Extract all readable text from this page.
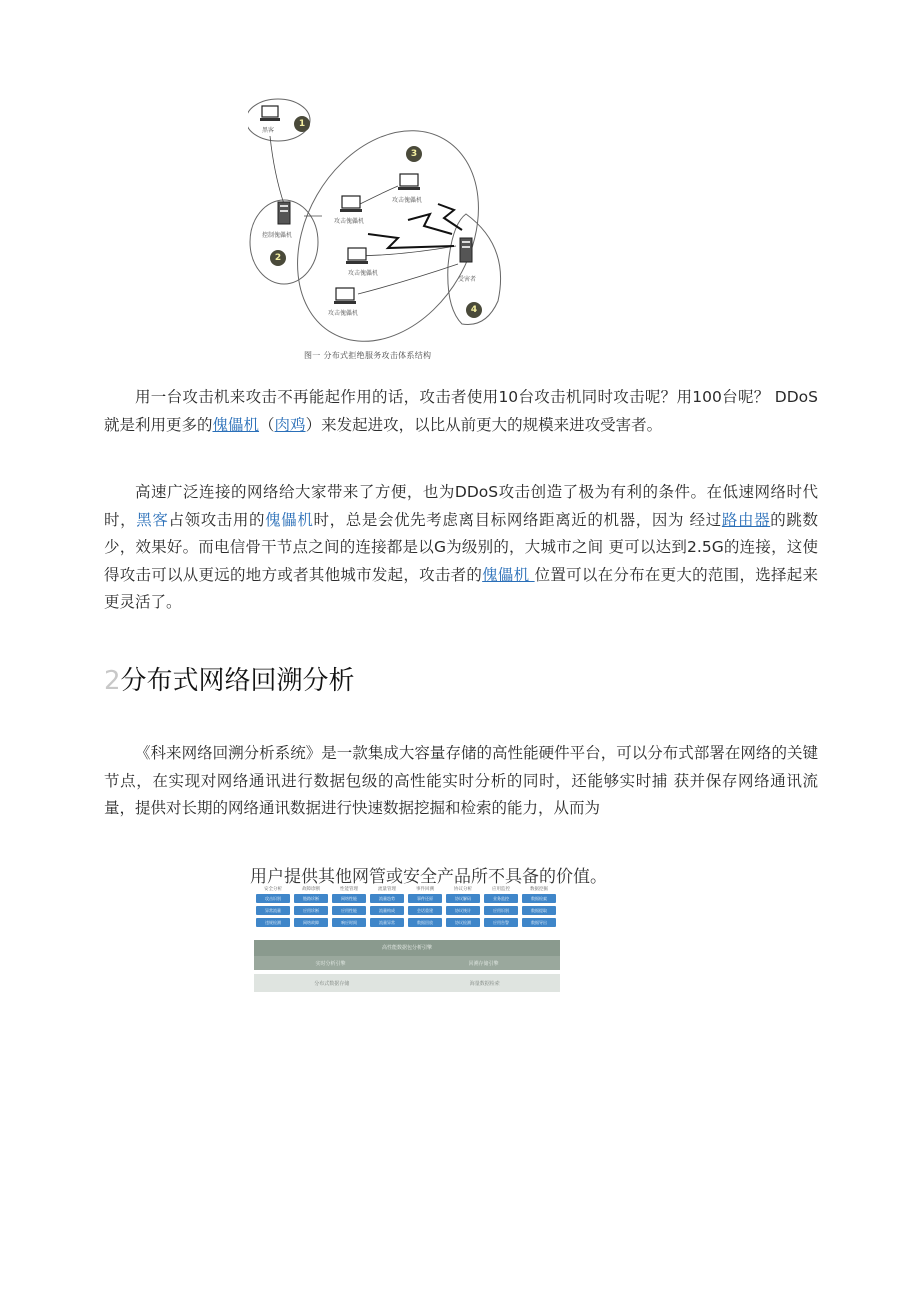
黑客
控制傀儡机
攻击傀儡机
攻击傀儡机
攻击傀儡机
攻击傀儡机
受害者
1
2
3
4
图一 分布式拒绝服务攻击体系结构

用一台攻击机来攻击不再能起作用的话，攻击者使用10台攻击机同时攻击呢？用100台呢？ DDoS就是利用更多的傀儡机（肉鸡）来发起进攻，以比从前更大的规模来进攻受害者。

高速广泛连接的网络给大家带来了方便，也为DDoS攻击创造了极为有利的条件。在低速网络时代时，黑客占领攻击用的傀儡机时，总是会优先考虑离目标网络距离近的机器，因为 经过路由器的跳数少，效果好。而电信骨干节点之间的连接都是以G为级别的，大城市之间 更可以达到2.5G的连接，这使得攻击可以从更远的地方或者其他城市发起，攻击者的傀儡机 位置可以在分布在更大的范围，选择起来更灵活了。

2分布式网络回溯分析

《科来网络回溯分析系统》是一款集成大容量存储的高性能硬件平台，可以分布式部署在网络的关键节点，在实现对网络通讯进行数据包级的高性能实时分析的同时，还能够实时捕 获并保存网络通讯流量，提供对长期的网络通讯数据进行快速数据挖掘和检索的能力，从而为

用户提供其他网管或安全产品所不具备的价值。

安全分析
攻击识别
异常流量
违规检测
故障诊断
链路诊断
应用诊断
网络故障
性能管理
网络性能
应用性能
响应时间
流量管理
流量趋势
流量构成
流量异常
事件回溯
事件还原
会话重建
数据回放
协议分析
协议解码
协议统计
协议检测
应用监控
业务监控
应用识别
应用告警
数据挖掘
数据检索
数据提取
数据导出
高性能数据包分析引擎
实时分析引擎	回溯存储引擎
分布式数据存储	海量数据检索
